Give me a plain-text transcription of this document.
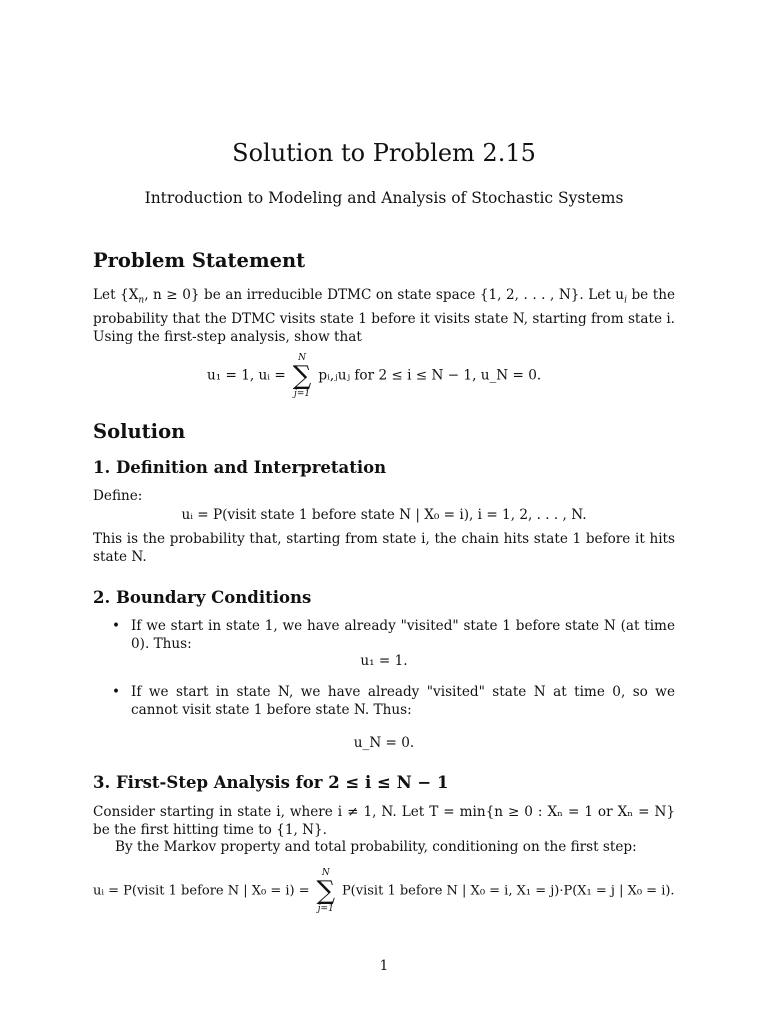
Solution to Problem 2.15
Introduction to Modeling and Analysis of Stochastic Systems
Problem Statement
Let {$X_n$, n ≥ 0} be an irreducible DTMC on state space {1, 2, . . . , N}. Let $u_i$ be the probability that the DTMC visits state 1 before it visits state N, starting from state i. Using the first-step analysis, show that
u₁ = 1, uᵢ =
N
∑
j=1
pᵢ,ⱼuⱼ for 2 ≤ i ≤ N − 1, u_N = 0.
Solution
1. Definition and Interpretation
Define:
uᵢ = P(visit state 1 before state N | X₀ = i), i = 1, 2, . . . , N.
This is the probability that, starting from state i, the chain hits state 1 before it hits state N.
2. Boundary Conditions
• If we start in state 1, we have already "visited" state 1 before state N (at time 0). Thus:
u₁ = 1.
• If we start in state N, we have already "visited" state N at time 0, so we cannot visit state 1 before state N. Thus:
u_N = 0.
3. First-Step Analysis for 2 ≤ i ≤ N − 1
Consider starting in state i, where i ≠ 1, N. Let T = min{n ≥ 0 : Xₙ = 1 or Xₙ = N} be the first hitting time to {1, N}.
By the Markov property and total probability, conditioning on the first step:
uᵢ = P(visit 1 before N | X₀ = i) =
N
∑
j=1
P(visit 1 before N | X₀ = i, X₁ = j)·P(X₁ = j | X₀ = i).
1
